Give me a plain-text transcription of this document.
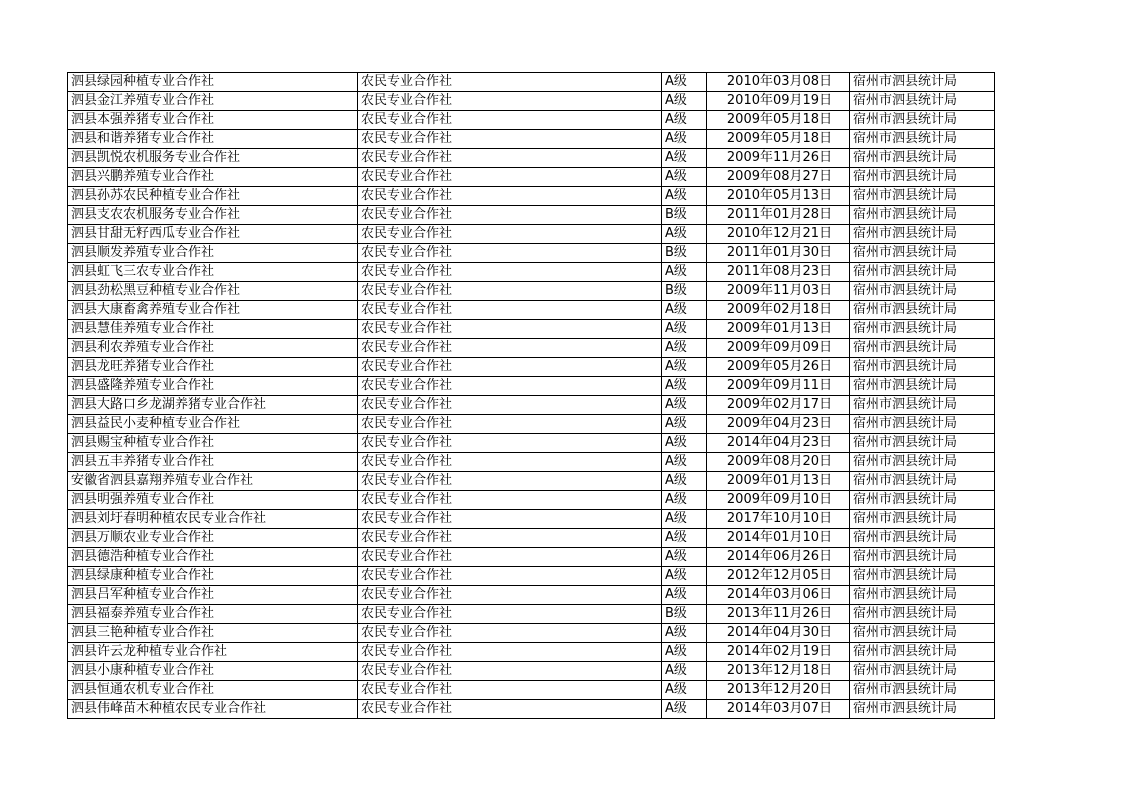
泗县绿园种植专业合作社	农民专业合作社	A级	2010年03月08日	宿州市泗县统计局
泗县金江养殖专业合作社	农民专业合作社	A级	2010年09月19日	宿州市泗县统计局
泗县本强养猪专业合作社	农民专业合作社	A级	2009年05月18日	宿州市泗县统计局
泗县和谐养猪专业合作社	农民专业合作社	A级	2009年05月18日	宿州市泗县统计局
泗县凯悦农机服务专业合作社	农民专业合作社	A级	2009年11月26日	宿州市泗县统计局
泗县兴鹏养殖专业合作社	农民专业合作社	A级	2009年08月27日	宿州市泗县统计局
泗县孙苏农民种植专业合作社	农民专业合作社	A级	2010年05月13日	宿州市泗县统计局
泗县支农农机服务专业合作社	农民专业合作社	B级	2011年01月28日	宿州市泗县统计局
泗县甘甜无籽西瓜专业合作社	农民专业合作社	A级	2010年12月21日	宿州市泗县统计局
泗县顺发养殖专业合作社	农民专业合作社	B级	2011年01月30日	宿州市泗县统计局
泗县虹飞三农专业合作社	农民专业合作社	A级	2011年08月23日	宿州市泗县统计局
泗县劲松黑豆种植专业合作社	农民专业合作社	B级	2009年11月03日	宿州市泗县统计局
泗县大康畜禽养殖专业合作社	农民专业合作社	A级	2009年02月18日	宿州市泗县统计局
泗县慧佳养殖专业合作社	农民专业合作社	A级	2009年01月13日	宿州市泗县统计局
泗县利农养殖专业合作社	农民专业合作社	A级	2009年09月09日	宿州市泗县统计局
泗县龙旺养猪专业合作社	农民专业合作社	A级	2009年05月26日	宿州市泗县统计局
泗县盛隆养殖专业合作社	农民专业合作社	A级	2009年09月11日	宿州市泗县统计局
泗县大路口乡龙湖养猪专业合作社	农民专业合作社	A级	2009年02月17日	宿州市泗县统计局
泗县益民小麦种植专业合作社	农民专业合作社	A级	2009年04月23日	宿州市泗县统计局
泗县赐宝种植专业合作社	农民专业合作社	A级	2014年04月23日	宿州市泗县统计局
泗县五丰养猪专业合作社	农民专业合作社	A级	2009年08月20日	宿州市泗县统计局
安徽省泗县嘉翔养殖专业合作社	农民专业合作社	A级	2009年01月13日	宿州市泗县统计局
泗县明强养殖专业合作社	农民专业合作社	A级	2009年09月10日	宿州市泗县统计局
泗县刘圩春明种植农民专业合作社	农民专业合作社	A级	2017年10月10日	宿州市泗县统计局
泗县万顺农业专业合作社	农民专业合作社	A级	2014年01月10日	宿州市泗县统计局
泗县德浩种植专业合作社	农民专业合作社	A级	2014年06月26日	宿州市泗县统计局
泗县绿康种植专业合作社	农民专业合作社	A级	2012年12月05日	宿州市泗县统计局
泗县吕军种植专业合作社	农民专业合作社	A级	2014年03月06日	宿州市泗县统计局
泗县福泰养殖专业合作社	农民专业合作社	B级	2013年11月26日	宿州市泗县统计局
泗县三艳种植专业合作社	农民专业合作社	A级	2014年04月30日	宿州市泗县统计局
泗县许云龙种植专业合作社	农民专业合作社	A级	2014年02月19日	宿州市泗县统计局
泗县小康种植专业合作社	农民专业合作社	A级	2013年12月18日	宿州市泗县统计局
泗县恒通农机专业合作社	农民专业合作社	A级	2013年12月20日	宿州市泗县统计局
泗县伟峰苗木种植农民专业合作社	农民专业合作社	A级	2014年03月07日	宿州市泗县统计局
